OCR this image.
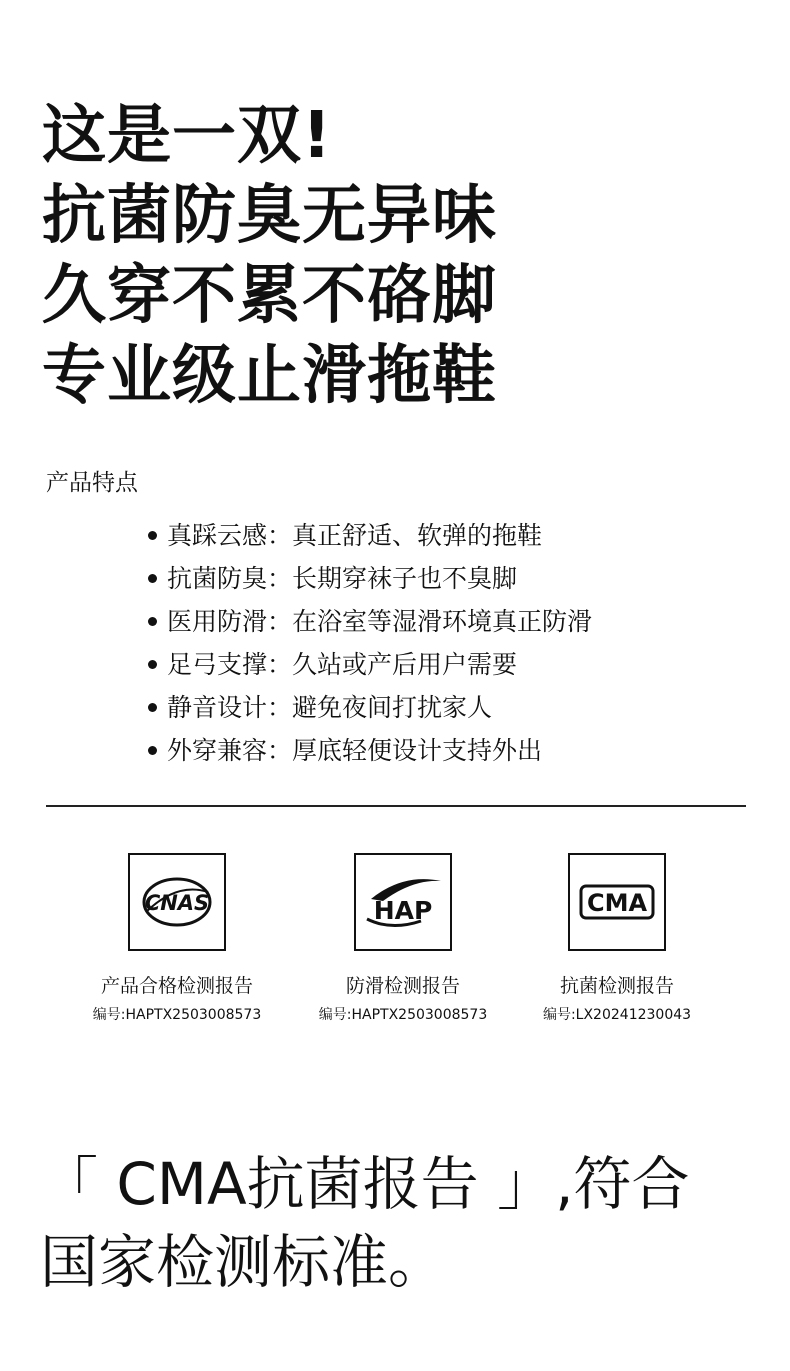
这是一双!
抗菌防臭无异味
久穿不累不硌脚
专业级止滑拖鞋
产品特点
真踩云感：真正舒适、软弹的拖鞋
抗菌防臭：长期穿袜子也不臭脚
医用防滑：在浴室等湿滑环境真正防滑
足弓支撑：久站或产后用户需要
静音设计：避免夜间打扰家人
外穿兼容：厚底轻便设计支持外出
CNAS
产品合格检测报告
编号:HAPTX2503008573
HAP
防滑检测报告
编号:HAPTX2503008573
CMA
抗菌检测报告
编号:LX20241230043
「 CMA抗菌报告 」,符合
国家检测标准。
